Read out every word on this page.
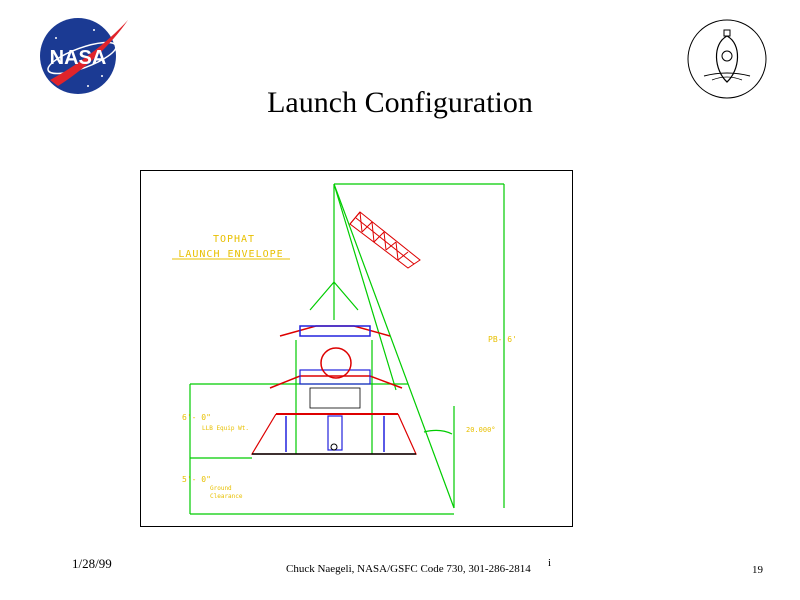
NASA
Launch Configuration
TOPHAT
LAUNCH ENVELOPE
PB- 6'
6'- 0"
LLB Equip Wt.
5'- 0"
Ground
Clearance
20.000°
1/28/99	Chuck Naegeli, NASA/GSFC Code 730, 301-286-2814 i
19
